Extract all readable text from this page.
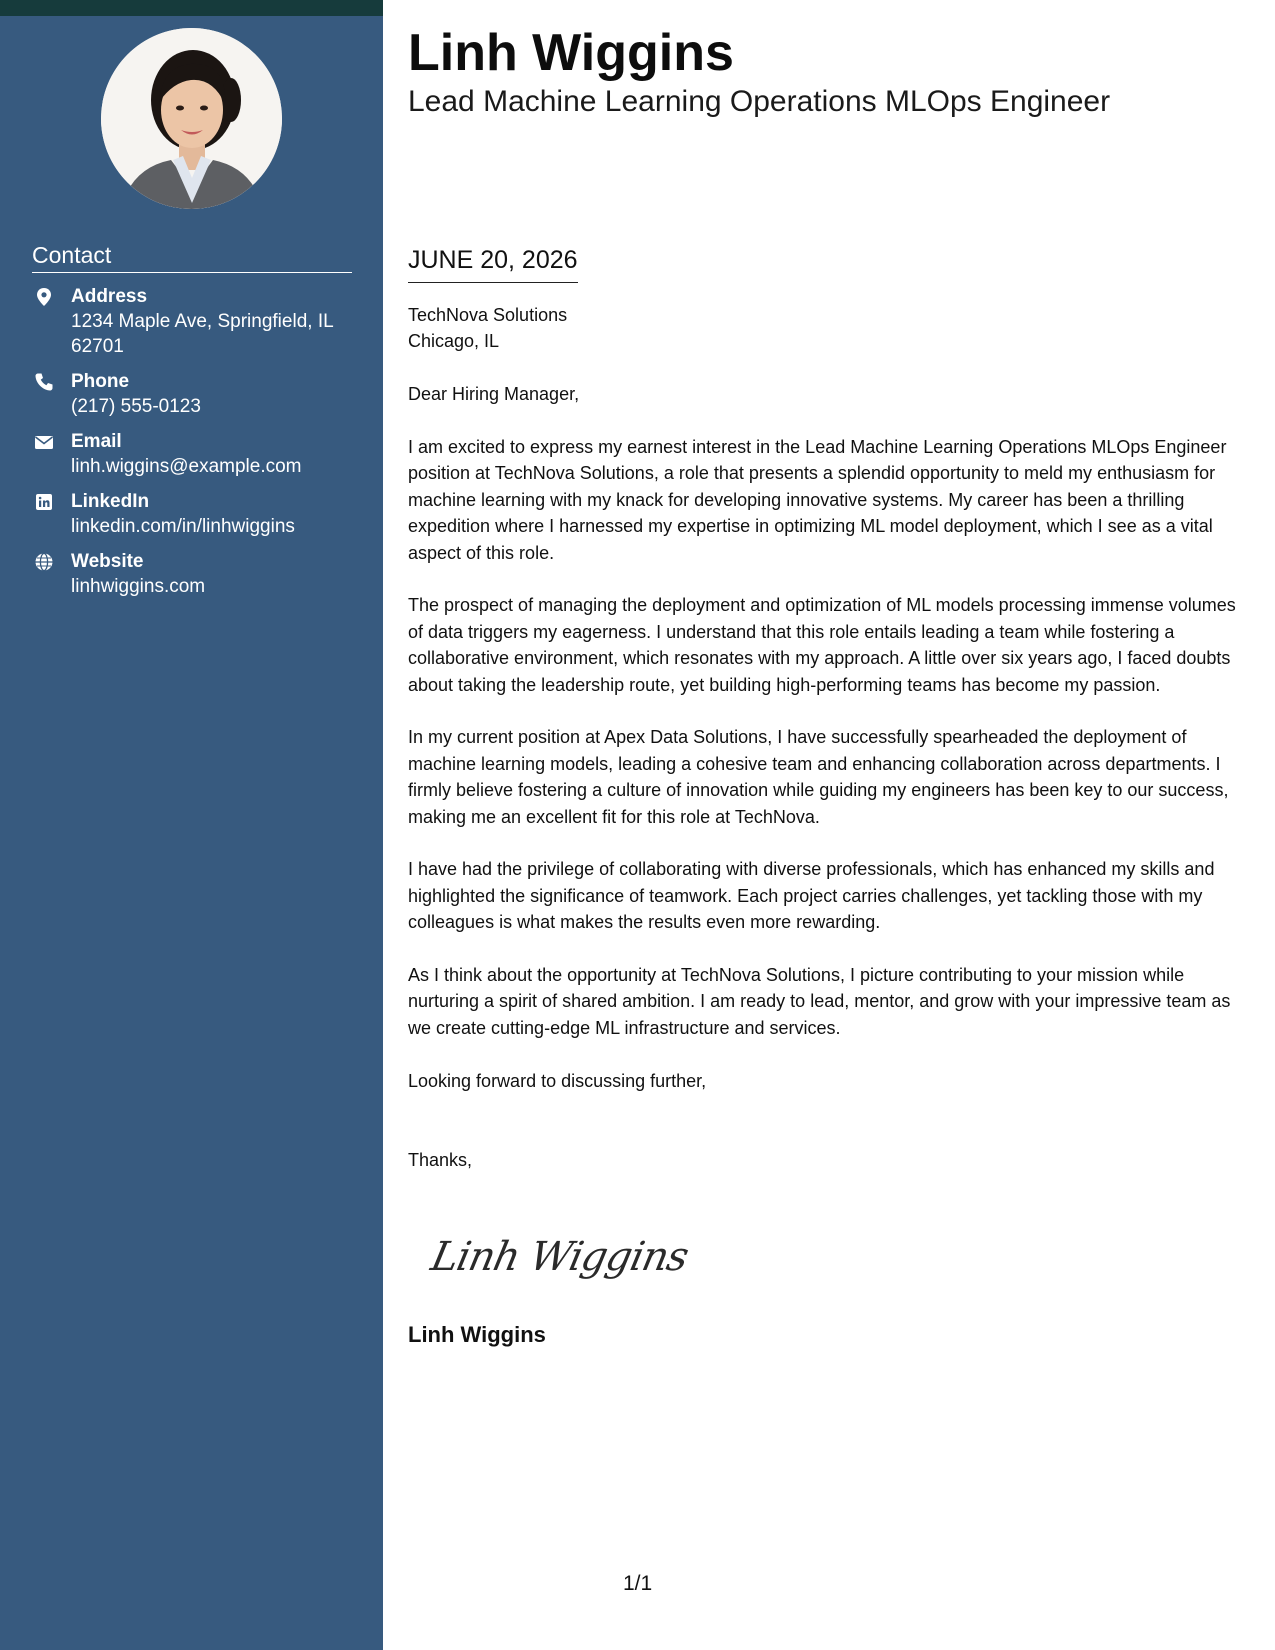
Contact
Address
1234 Maple Ave, Springfield, IL 62701
Phone
(217) 555-0123
Email
linh.wiggins@example.com
LinkedIn
linkedin.com/in/linhwiggins
Website
linhwiggins.com
Linh Wiggins
Lead Machine Learning Operations MLOps Engineer
JUNE 20, 2026
TechNova Solutions
Chicago, IL

Dear Hiring Manager,

I am excited to express my earnest interest in the Lead Machine Learning Operations MLOps Engineer position at TechNova Solutions, a role that presents a splendid opportunity to meld my enthusiasm for machine learning with my knack for developing innovative systems. My career has been a thrilling expedition where I harnessed my expertise in optimizing ML model deployment, which I see as a vital aspect of this role.

The prospect of managing the deployment and optimization of ML models processing immense volumes of data triggers my eagerness. I understand that this role entails leading a team while fostering a collaborative environment, which resonates with my approach. A little over six years ago, I faced doubts about taking the leadership route, yet building high-performing teams has become my passion.

In my current position at Apex Data Solutions, I have successfully spearheaded the deployment of machine learning models, leading a cohesive team and enhancing collaboration across departments. I firmly believe fostering a culture of innovation while guiding my engineers has been key to our success, making me an excellent fit for this role at TechNova.

I have had the privilege of collaborating with diverse professionals, which has enhanced my skills and highlighted the significance of teamwork. Each project carries challenges, yet tackling those with my colleagues is what makes the results even more rewarding.

As I think about the opportunity at TechNova Solutions, I picture contributing to your mission while nurturing a spirit of shared ambition. I am ready to lead, mentor, and grow with your impressive team as we create cutting-edge ML infrastructure and services.

Looking forward to discussing further,

Thanks,

Linh Wiggins
Linh Wiggins
1/1
